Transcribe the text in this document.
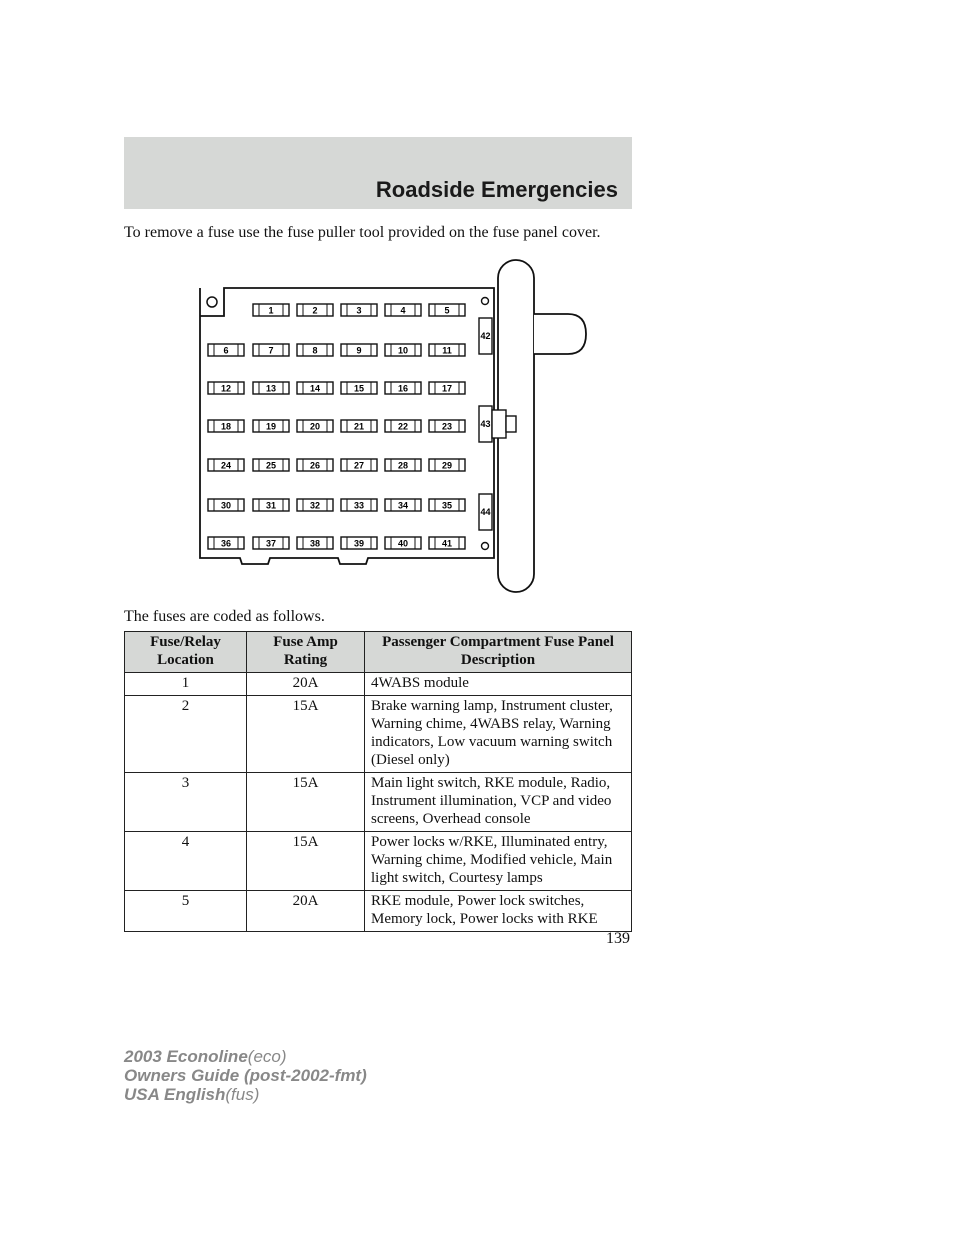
Roadside Emergencies
To remove a fuse use the fuse puller tool provided on the fuse panel cover.
1	2	3	4	5
6	7	8	9	10	11
12	13	14	15	16	17
18	19	20	21	22	23
24	25	26	27	28	29
30	31	32	33	34	35
36	37	38	39	40	41
42
43
44
The fuses are coded as follows.
Fuse/Relay Location	Fuse Amp Rating	Passenger Compartment Fuse Panel Description
1	20A	4WABS module
2	15A	Brake warning lamp, Instrument cluster, Warning chime, 4WABS relay, Warning indicators, Low vacuum warning switch (Diesel only)
3	15A	Main light switch, RKE module, Radio, Instrument illumination, VCP and video screens, Overhead console
4	15A	Power locks w/RKE, Illuminated entry, Warning chime, Modified vehicle, Main light switch, Courtesy lamps
5	20A	RKE module, Power lock switches, Memory lock, Power locks with RKE
139
2003 Econoline(eco)
Owners Guide (post-2002-fmt)
USA English(fus)
